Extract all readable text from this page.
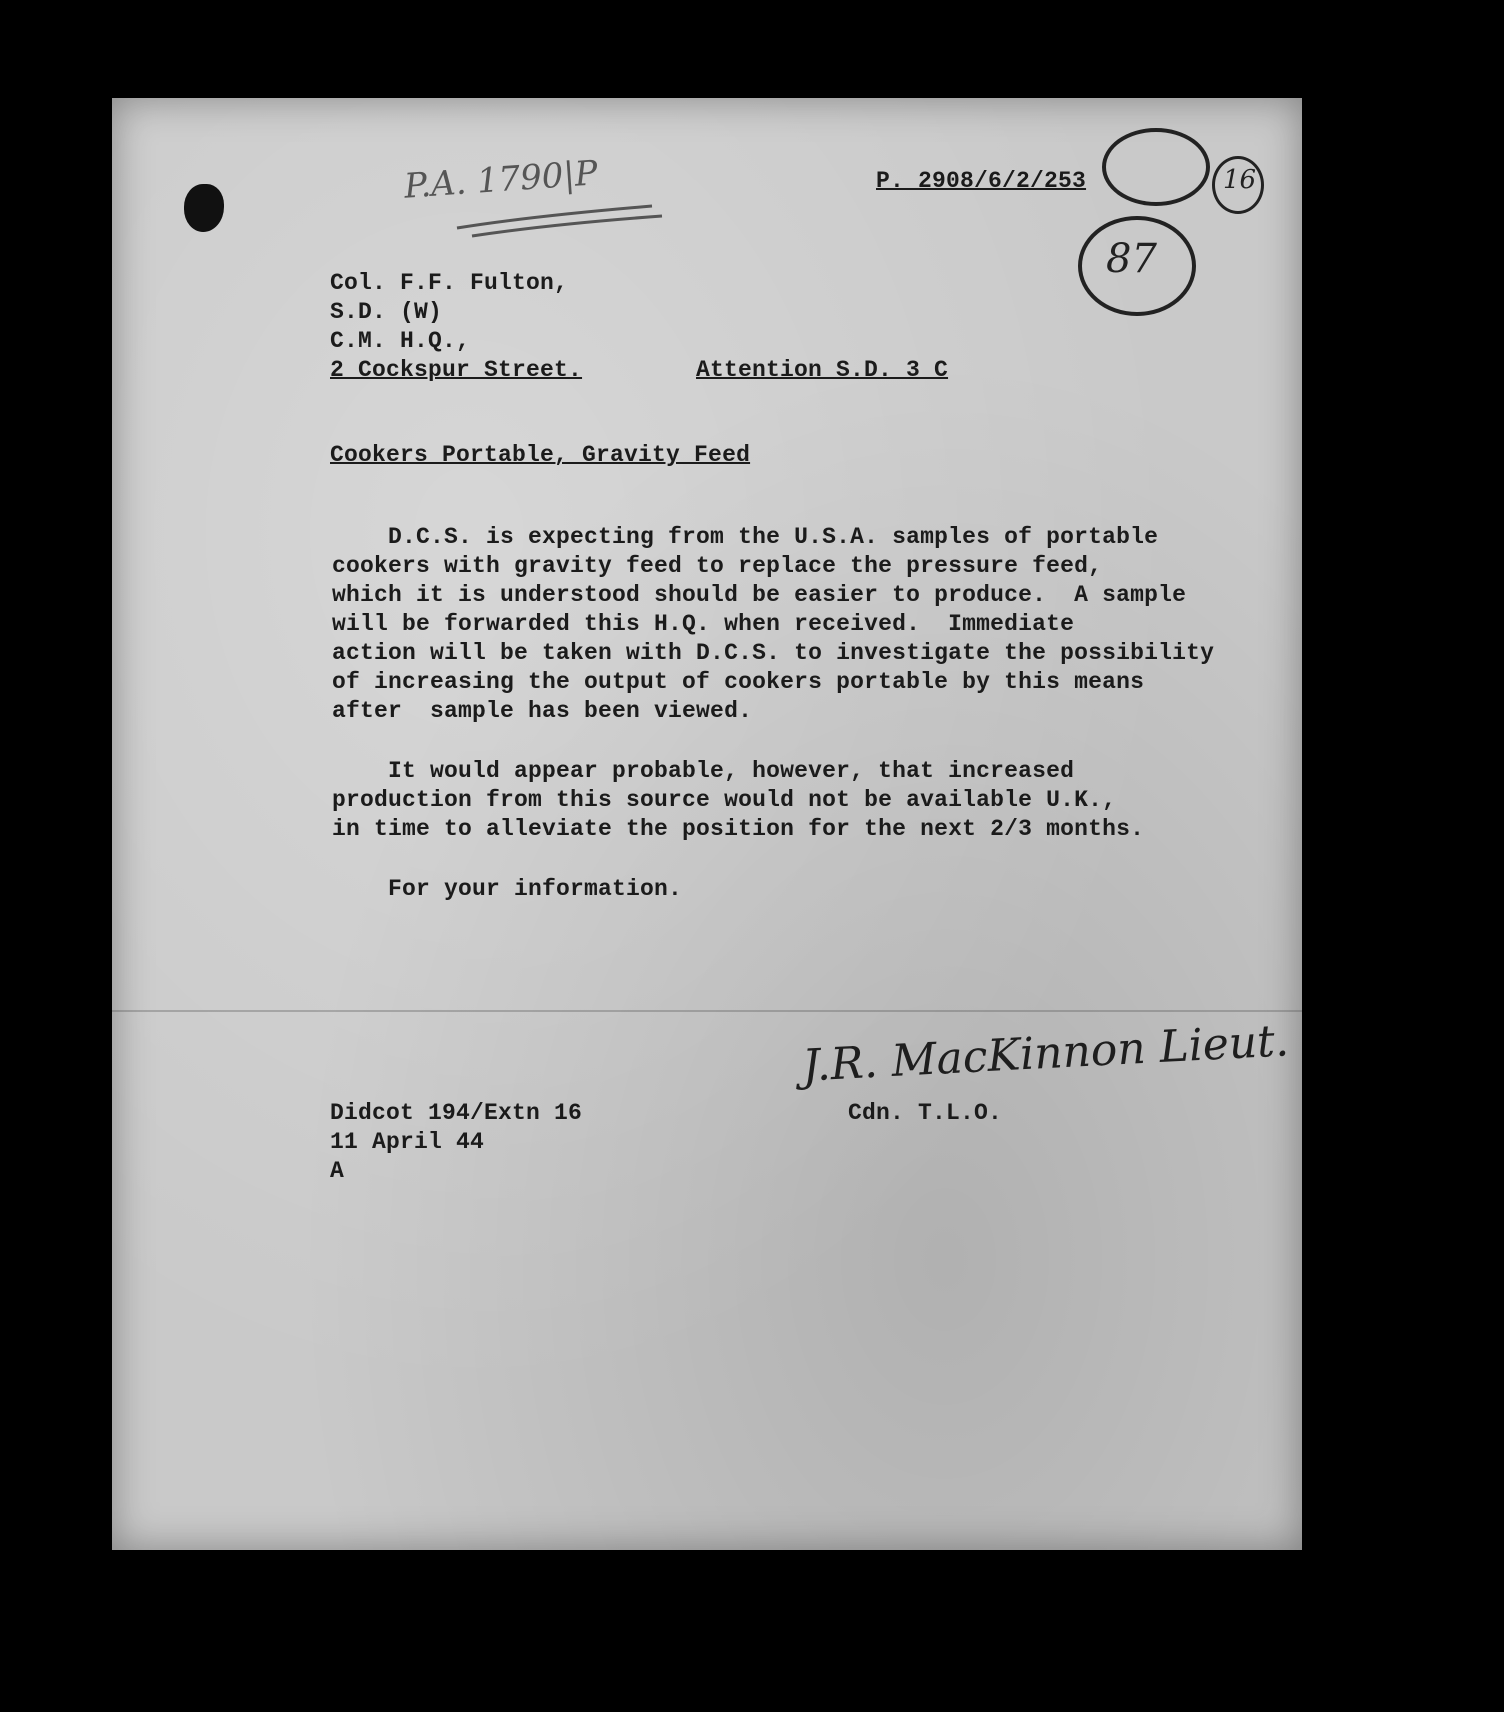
P.A. 1790|P	P. 2908/6/2/253
87
16
Col. F.F. Fulton,
S.D. (W)
C.M. H.Q.,
2 Cockspur Street.	Attention S.D. 3 C
Cookers Portable, Gravity Feed
D.C.S. is expecting from the U.S.A. samples of portable
cookers with gravity feed to replace the pressure feed,
which it is understood should be easier to produce.  A sample
will be forwarded this H.Q. when received.  Immediate
action will be taken with D.C.S. to investigate the possibility
of increasing the output of cookers portable by this means
after  sample has been viewed.
It would appear probable, however, that increased
production from this source would not be available U.K.,
in time to alleviate the position for the next 2/3 months.
For your information.
J.R. MacKinnon Lieut.
Cdn. T.L.O.
Didcot 194/Extn 16
11 April 44
A
